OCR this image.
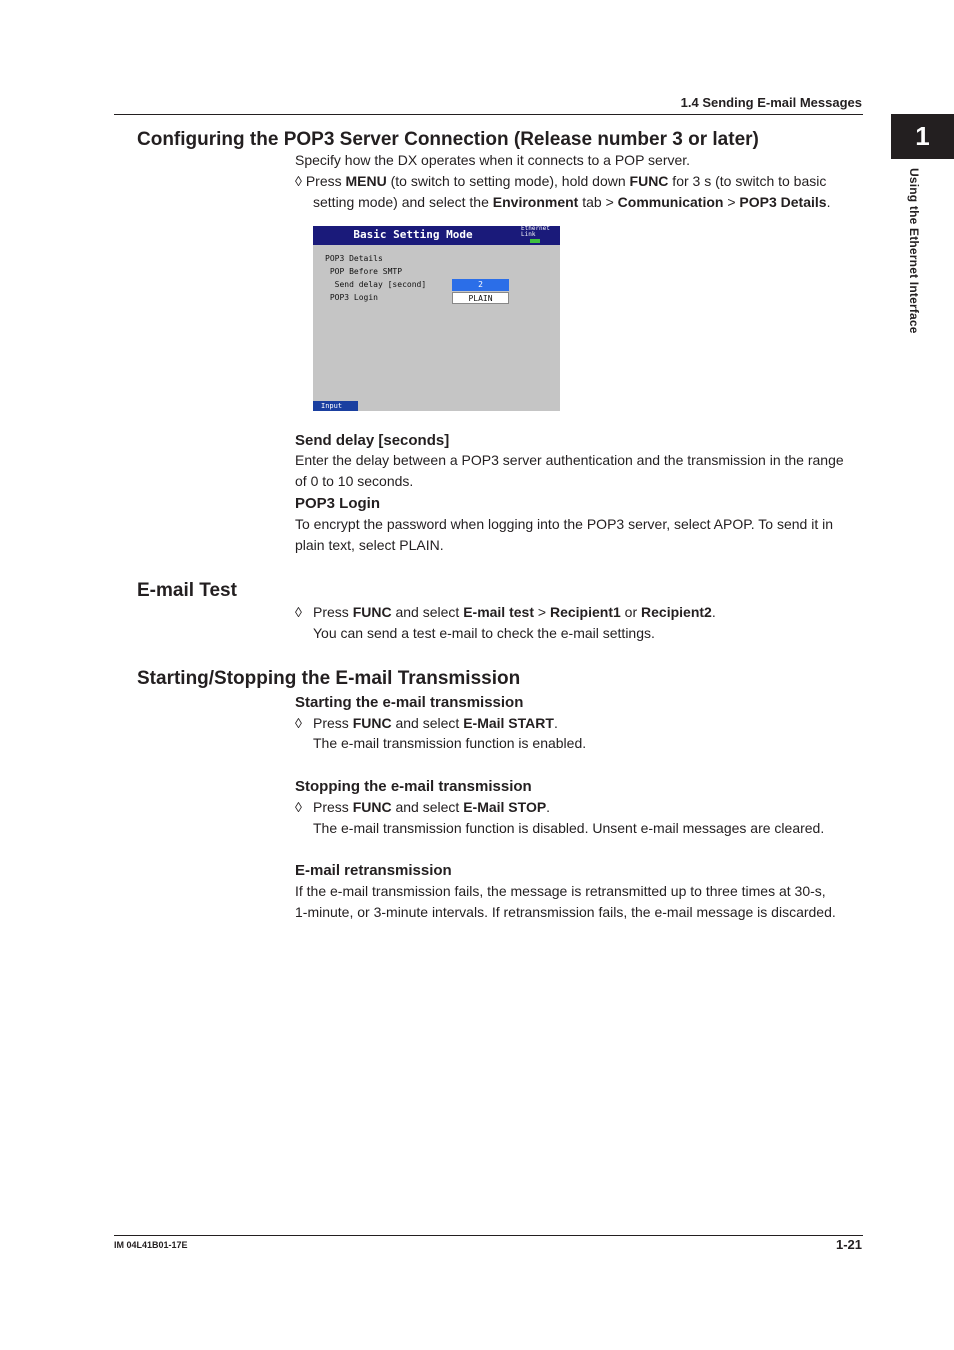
1.4 Sending E-mail Messages
1
Using the Ethernet Interface
Configuring the POP3 Server Connection (Release number 3 or later)
Specify how the DX operates when it connects to a POP server.
◊ Press MENU (to switch to setting mode), hold down FUNC for 3 s (to switch to basic
setting mode) and select the Environment tab > Communication > POP3 Details.
Basic Setting Mode	Ethernet
Link
POP3 Details
POP Before SMTP
Send delay [second]
POP3 Login
2
PLAIN
Input
Send delay [seconds]
Enter the delay between a POP3 server authentication and the transmission in the range
of 0 to 10 seconds.
POP3 Login
To encrypt the password when logging into the POP3 server, select APOP. To send it in
plain text, select PLAIN.
E-mail Test
◊ Press FUNC and select E-mail test > Recipient1 or Recipient2.
You can send a test e-mail to check the e-mail settings.
Starting/Stopping the E-mail Transmission
Starting the e-mail transmission
◊ Press FUNC and select E-Mail START.
The e-mail transmission function is enabled.
Stopping the e-mail transmission
◊ Press FUNC and select E-Mail STOP.
The e-mail transmission function is disabled. Unsent e-mail messages are cleared.
E-mail retransmission
If the e-mail transmission fails, the message is retransmitted up to three times at 30-s,
1-minute, or 3-minute intervals. If retransmission fails, the e-mail message is discarded.
IM 04L41B01-17E	1-21
